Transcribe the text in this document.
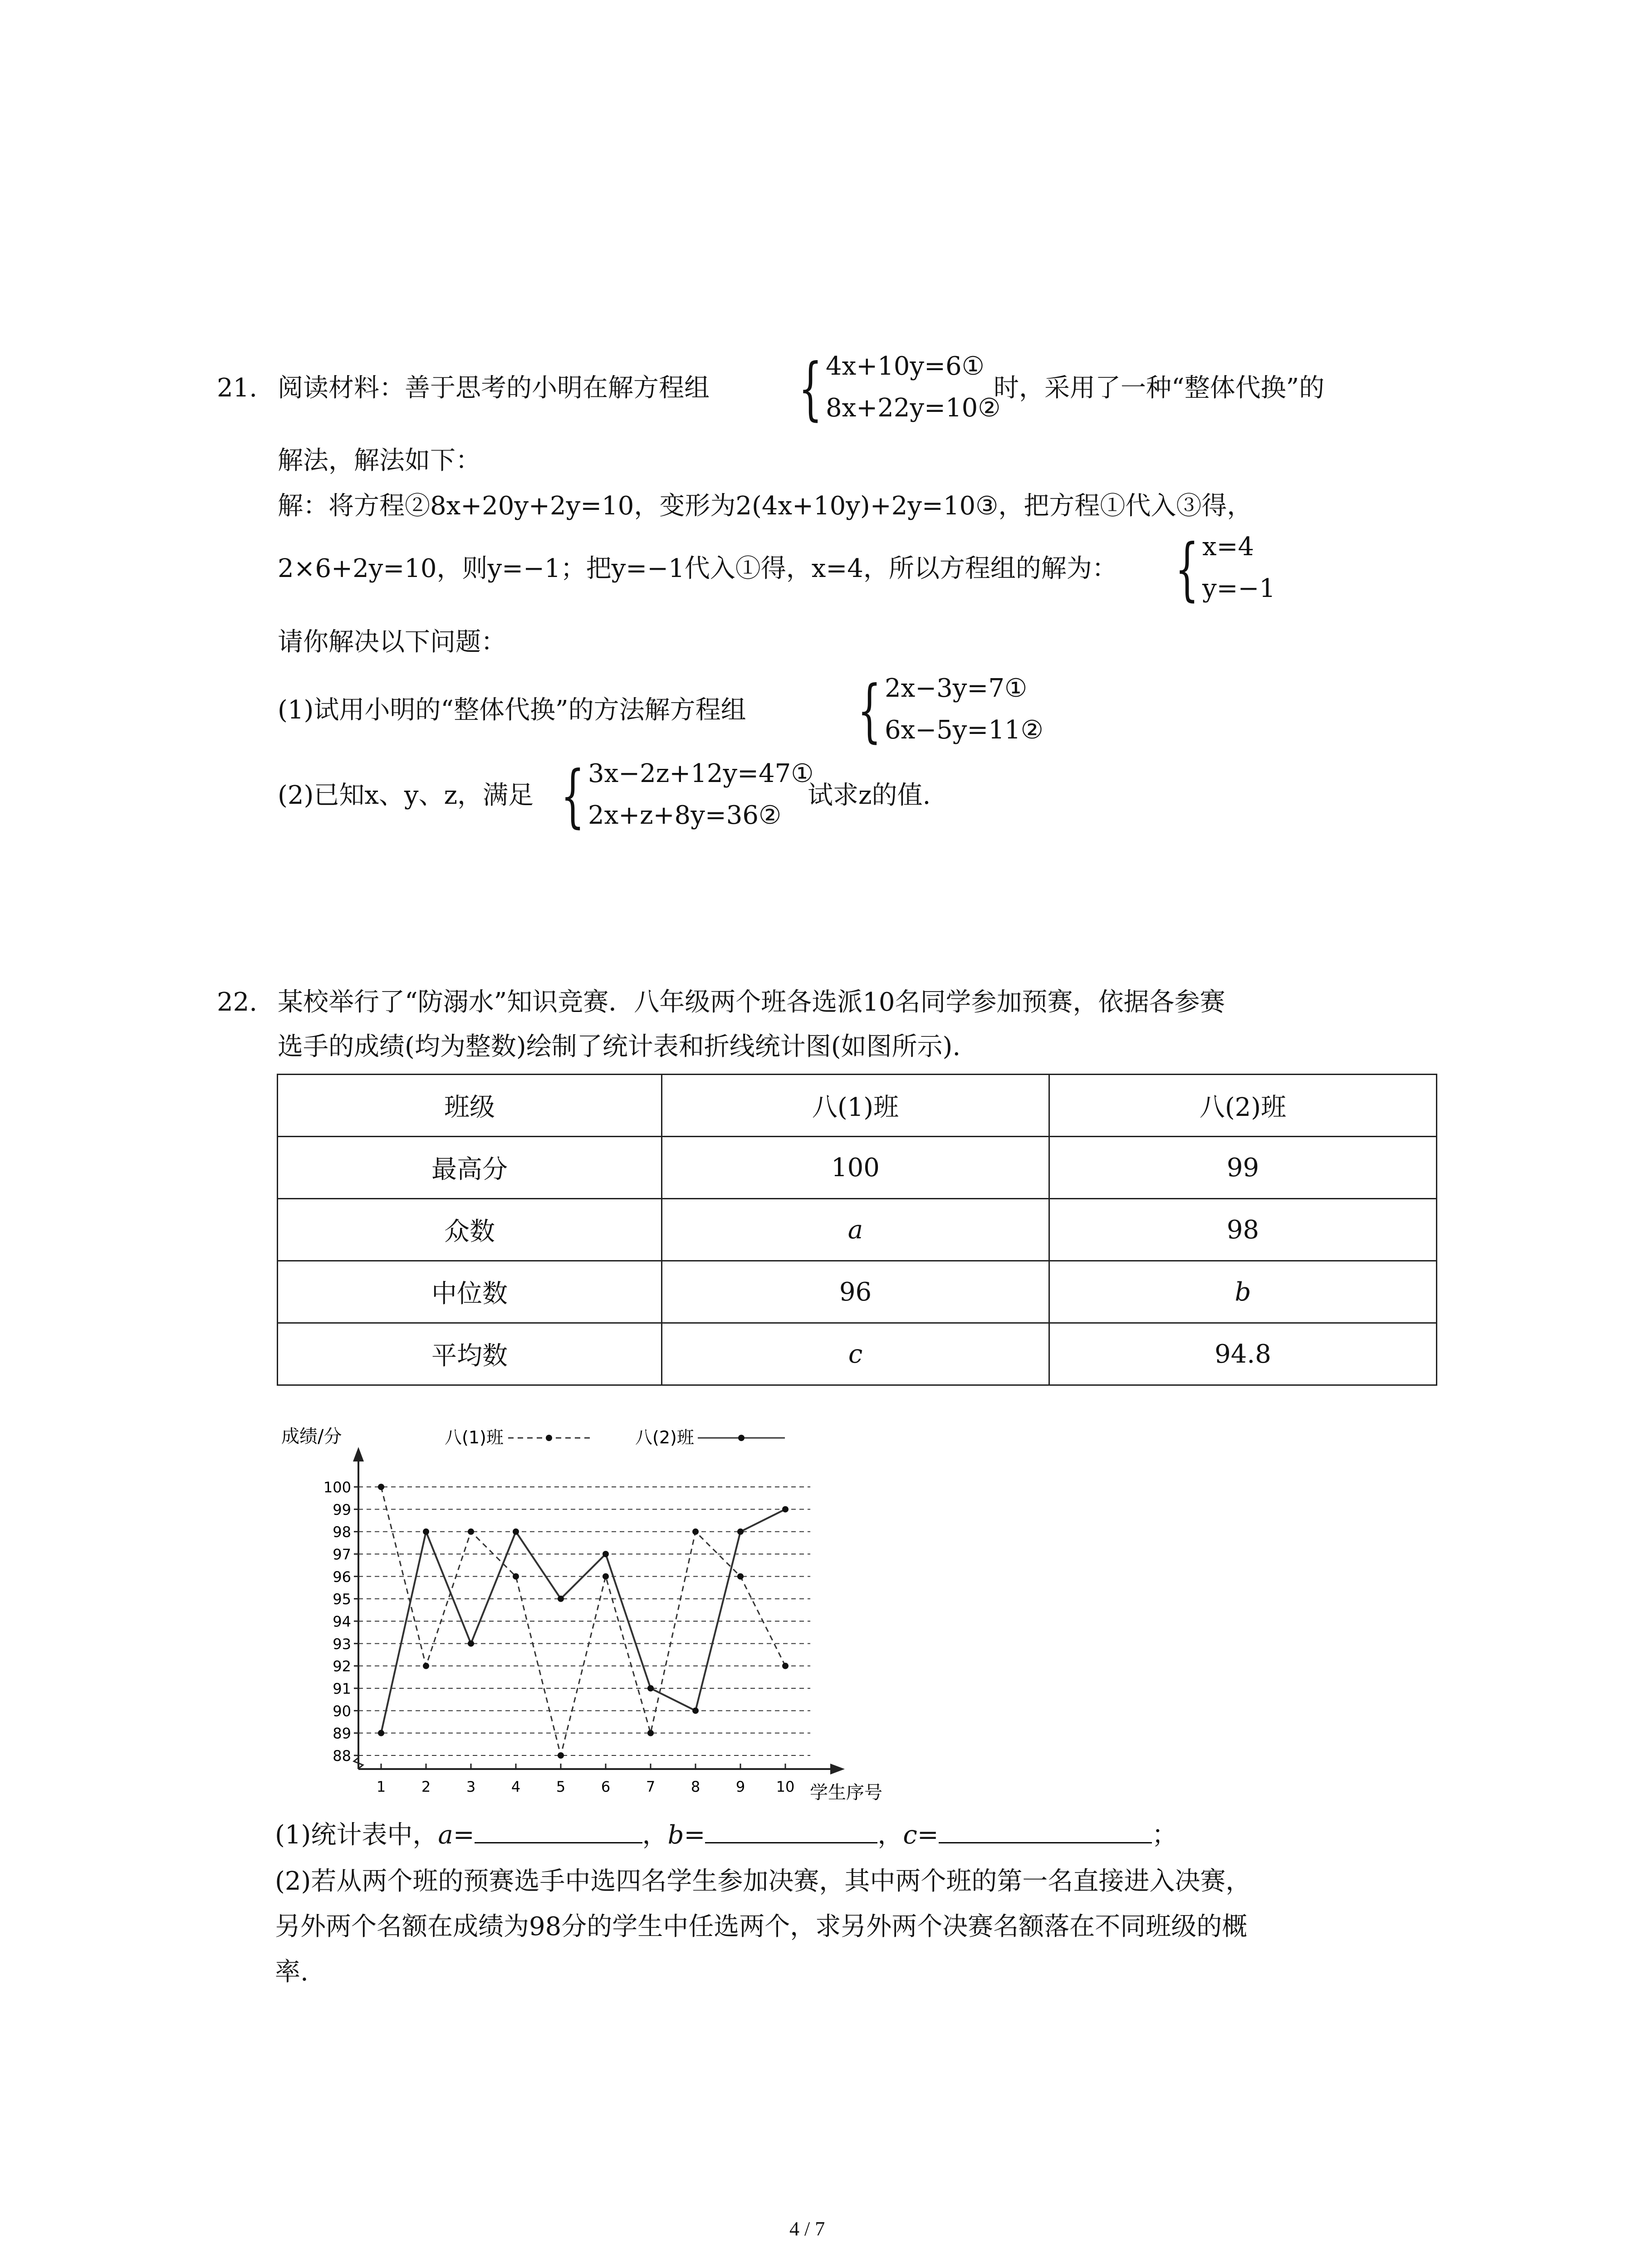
21. 阅读材料：善于思考的小明在解方程组 { 4x+10y=6①
8x+22y=10②
时，采用了一种“整体代换”的
解法，解法如下：
解：将方程②8x+20y+2y=10，变形为2(4x+10y)+2y=10③，把方程①代入③得，
2×6+2y=10，则y=−1；把y=−1代入①得，x=4，所以方程组的解为： { x=4
y=−1
请你解决以下问题：
(1)试用小明的“整体代换”的方法解方程组 { 2x−3y=7①
6x−5y=11②
(2)已知x、y、z，满足 { 3x−2z+12y=47①
2x+z+8y=36②
试求z的值.
22. 某校举行了“防溺水”知识竞赛．八年级两个班各选派10名同学参加预赛，依据各参赛
选手的成绩(均为整数)绘制了统计表和折线统计图(如图所示).
班级	八(1)班	八(2)班
最高分	100	99
众数	a	98
中位数	96	b
平均数	c	94.8
88
89
90
91
92
93
94
95
96
97
98
99
100
1 2 3 4 5 6 7 8 9 10
八(1)班	八(2)班
成绩/分
学生序号
(1)统计表中，a=	，b=	，c=	；
(2)若从两个班的预赛选手中选四名学生参加决赛，其中两个班的第一名直接进入决赛，
另外两个名额在成绩为98分的学生中任选两个，求另外两个决赛名额落在不同班级的概
率.
4 / 7
